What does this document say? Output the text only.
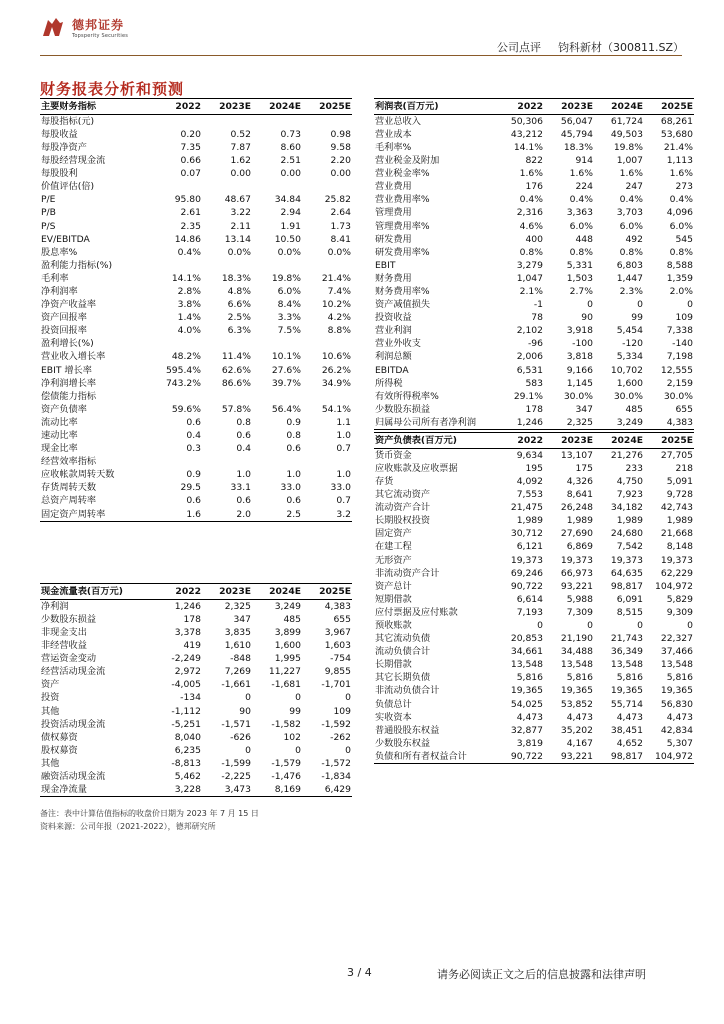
德邦证券
Topsperity Securities
公司点评 钧科新材（300811.SZ）
财务报表分析和预测
主要财务指标	2022	2023E	2024E	2025E
每股指标(元)				
每股收益	0.20	0.52	0.73	0.98
每股净资产	7.35	7.87	8.60	9.58
每股经营现金流	0.66	1.62	2.51	2.20
每股股利	0.07	0.00	0.00	0.00
价值评估(倍)				
P/E	95.80	48.67	34.84	25.82
P/B	2.61	3.22	2.94	2.64
P/S	2.35	2.11	1.91	1.73
EV/EBITDA	14.86	13.14	10.50	8.41
股息率%	0.4%	0.0%	0.0%	0.0%
盈利能力指标(%)				
毛利率	14.1%	18.3%	19.8%	21.4%
净利润率	2.8%	4.8%	6.0%	7.4%
净资产收益率	3.8%	6.6%	8.4%	10.2%
资产回报率	1.4%	2.5%	3.3%	4.2%
投资回报率	4.0%	6.3%	7.5%	8.8%
盈利增长(%)				
营业收入增长率	48.2%	11.4%	10.1%	10.6%
EBIT 增长率	595.4%	62.6%	27.6%	26.2%
净利润增长率	743.2%	86.6%	39.7%	34.9%
偿债能力指标				
资产负债率	59.6%	57.8%	56.4%	54.1%
流动比率	0.6	0.8	0.9	1.1
速动比率	0.4	0.6	0.8	1.0
现金比率	0.3	0.4	0.6	0.7
经营效率指标				
应收帐款周转天数	0.9	1.0	1.0	1.0
存货周转天数	29.5	33.1	33.0	33.0
总资产周转率	0.6	0.6	0.6	0.7
固定资产周转率	1.6	2.0	2.5	3.2
利润表(百万元)	2022	2023E	2024E	2025E
营业总收入	50,306	56,047	61,724	68,261
营业成本	43,212	45,794	49,503	53,680
毛利率%	14.1%	18.3%	19.8%	21.4%
营业税金及附加	822	914	1,007	1,113
营业税金率%	1.6%	1.6%	1.6%	1.6%
营业费用	176	224	247	273
营业费用率%	0.4%	0.4%	0.4%	0.4%
管理费用	2,316	3,363	3,703	4,096
管理费用率%	4.6%	6.0%	6.0%	6.0%
研发费用	400	448	492	545
研发费用率%	0.8%	0.8%	0.8%	0.8%
EBIT	3,279	5,331	6,803	8,588
财务费用	1,047	1,503	1,447	1,359
财务费用率%	2.1%	2.7%	2.3%	2.0%
资产减值损失	-1	0	0	0
投资收益	78	90	99	109
营业利润	2,102	3,918	5,454	7,338
营业外收支	-96	-100	-120	-140
利润总额	2,006	3,818	5,334	7,198
EBITDA	6,531	9,166	10,702	12,555
所得税	583	1,145	1,600	2,159
有效所得税率%	29.1%	30.0%	30.0%	30.0%
少数股东损益	178	347	485	655
归属母公司所有者净利润	1,246	2,325	3,249	4,383
资产负债表(百万元)	2022	2023E	2024E	2025E
货币资金	9,634	13,107	21,276	27,705
应收账款及应收票据	195	175	233	218
存货	4,092	4,326	4,750	5,091
其它流动资产	7,553	8,641	7,923	9,728
流动资产合计	21,475	26,248	34,182	42,743
长期股权投资	1,989	1,989	1,989	1,989
固定资产	30,712	27,690	24,680	21,668
在建工程	6,121	6,869	7,542	8,148
无形资产	19,373	19,373	19,373	19,373
非流动资产合计	69,246	66,973	64,635	62,229
资产总计	90,722	93,221	98,817	104,972
短期借款	6,614	5,988	6,091	5,829
应付票据及应付账款	7,193	7,309	8,515	9,309
预收账款	0	0	0	0
其它流动负债	20,853	21,190	21,743	22,327
流动负债合计	34,661	34,488	36,349	37,466
长期借款	13,548	13,548	13,548	13,548
其它长期负债	5,816	5,816	5,816	5,816
非流动负债合计	19,365	19,365	19,365	19,365
负债总计	54,025	53,852	55,714	56,830
实收资本	4,473	4,473	4,473	4,473
普通股股东权益	32,877	35,202	38,451	42,834
少数股东权益	3,819	4,167	4,652	5,307
负债和所有者权益合计	90,722	93,221	98,817	104,972
现金流量表(百万元)	2022	2023E	2024E	2025E
净利润	1,246	2,325	3,249	4,383
少数股东损益	178	347	485	655
非现金支出	3,378	3,835	3,899	3,967
非经营收益	419	1,610	1,600	1,603
营运资金变动	-2,249	-848	1,995	-754
经营活动现金流	2,972	7,269	11,227	9,855
资产	-4,005	-1,661	-1,681	-1,701
投资	-134	0	0	0
其他	-1,112	90	99	109
投资活动现金流	-5,251	-1,571	-1,582	-1,592
债权募资	8,040	-626	102	-262
股权募资	6,235	0	0	0
其他	-8,813	-1,599	-1,579	-1,572
融资活动现金流	5,462	-2,225	-1,476	-1,834
现金净流量	3,228	3,473	8,169	6,429
备注：表中计算估值指标的收盘价日期为 2023 年 7 月 15 日
资料来源：公司年报（2021-2022），德邦研究所
3 / 4	请务必阅读正文之后的信息披露和法律声明
